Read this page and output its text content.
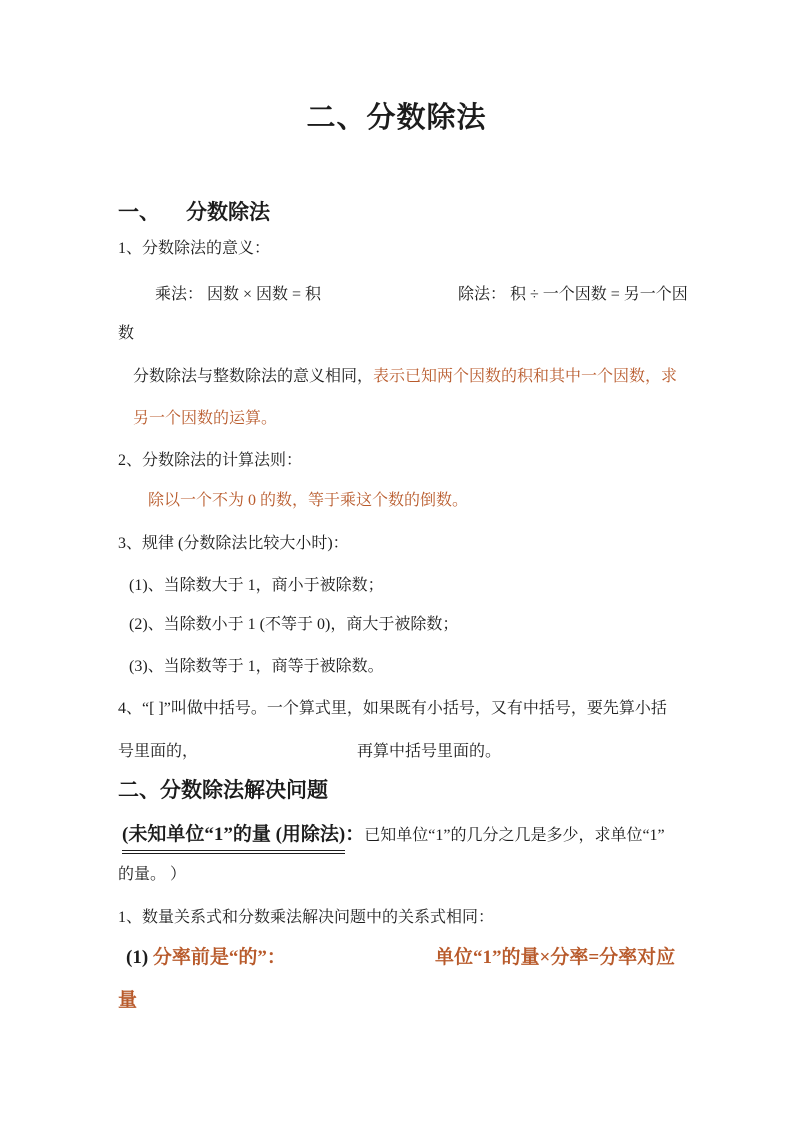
二、分数除法
一、 分数除法
1、分数除法的意义：
乘法： 因数 × 因数 = 积	除法： 积 ÷ 一个因数 = 另一个因
数
分数除法与整数除法的意义相同，表示已知两个因数的积和其中一个因数，求
另一个因数的运算。
2、分数除法的计算法则：
除以一个不为 0 的数，等于乘这个数的倒数。
3、规律 (分数除法比较大小时)：
(1)、当除数大于 1，商小于被除数；
(2)、当除数小于 1 (不等于 0)，商大于被除数；
(3)、当除数等于 1，商等于被除数。
4、“[ ]”叫做中括号。一个算式里，如果既有小括号，又有中括号，要先算小括
号里面的，	再算中括号里面的。
二、分数除法解决问题
(未知单位“1”的量 (用除法)：已知单位“1”的几分之几是多少，求单位“1”
的量。 ）
1、数量关系式和分数乘法解决问题中的关系式相同：
(1) 分率前是“的”：	单位“1”的量×分率=分率对应
量
